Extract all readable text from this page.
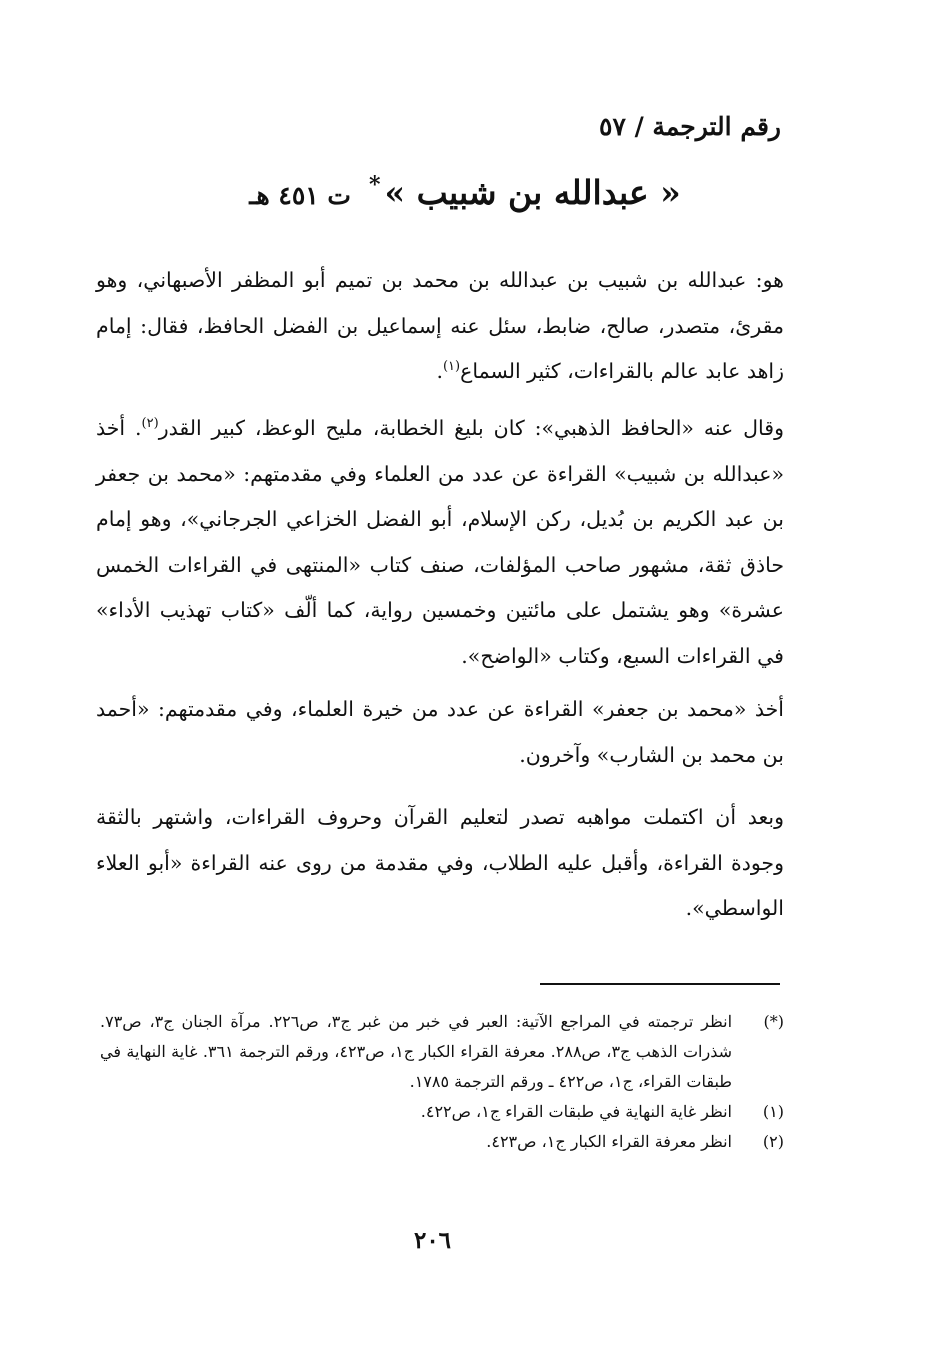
رقم الترجمة / ٥٧
« عبدالله بن شبيب »*ت ٤٥١ هـ
هو: عبدالله بن شبيب بن عبدالله بن محمد بن تميم أبو المظفر الأصبهاني، وهو مقرئ، متصدر، صالح، ضابط، سئل عنه إسماعيل بن الفضل الحافظ، فقال: إمام زاهد عابد عالم بالقراءات، كثير السماع$^{(١)}$.
وقال عنه «الحافظ الذهبي»: كان بليغ الخطابة، مليح الوعظ، كبير القدر$^{(٢)}$. أخذ «عبدالله بن شبيب» القراءة عن عدد من العلماء وفي مقدمتهم: «محمد بن جعفر بن عبد الكريم بن بُديل، ركن الإسلام، أبو الفضل الخزاعي الجرجاني»، وهو إمام حاذق ثقة، مشهور صاحب المؤلفات، صنف كتاب «المنتهى في القراءات الخمس عشرة» وهو يشتمل على مائتين وخمسين رواية، كما ألّف «كتاب تهذيب الأداء» في القراءات السبع، وكتاب «الواضح».
أخذ «محمد بن جعفر» القراءة عن عدد من خيرة العلماء، وفي مقدمتهم: «أحمد بن محمد بن الشارب» وآخرون.
وبعد أن اكتملت مواهبه تصدر لتعليم القرآن وحروف القراءات، واشتهر بالثقة وجودة القراءة، وأقبل عليه الطلاب، وفي مقدمة من روى عنه القراءة «أبو العلاء الواسطي».
(*)
انظر ترجمته في المراجع الآتية: العبر في خبر من غبر ج٣، ص٢٢٦. مرآة الجنان ج٣، ص٧٣. شذرات الذهب ج٣، ص٢٨٨. معرفة القراء الكبار ج١، ص٤٢٣، ورقم الترجمة ٣٦١. غاية النهاية في طبقات القراء، ج١، ص٤٢٢ ـ ورقم الترجمة ١٧٨٥.
(١)
انظر غاية النهاية في طبقات القراء ج١، ص٤٢٢.
(٢)
انظر معرفة القراء الكبار ج١، ص٤٢٣.
٢٠٦
